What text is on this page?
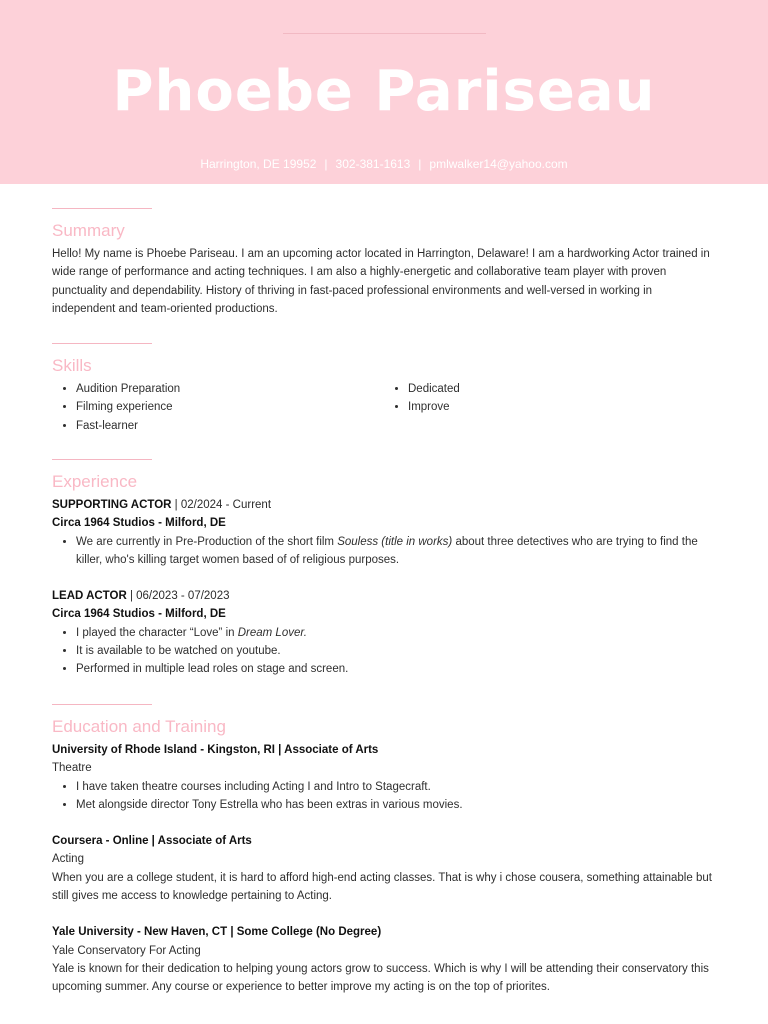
Phoebe Pariseau
Harrington, DE 19952 | 302-381-1613 | pmlwalker14@yahoo.com
Summary

Hello! My name is Phoebe Pariseau. I am an upcoming actor located in Harrington, Delaware! I am a hardworking Actor trained in wide range of performance and acting techniques. I am also a highly-energetic and collaborative team player with proven punctuality and dependability. History of thriving in fast-paced professional environments and well-versed in working in independent and team-oriented productions.

Skills
• Audition Preparation
• Filming experience
• Fast-learner
• Dedicated
• Improve
Experience
SUPPORTING ACTOR | 02/2024 - Current
Circa 1964 Studios - Milford, DE
• We are currently in Pre-Production of the short film Souless (title in works) about three detectives who are trying to find the killer, who's killing target women based of of religious purposes.
LEAD ACTOR | 06/2023 - 07/2023
Circa 1964 Studios - Milford, DE
• I played the character “Love” in Dream Lover.
• It is available to be watched on youtube.
• Performed in multiple lead roles on stage and screen.
Education and Training
University of Rhode Island - Kingston, RI | Associate of Arts
Theatre
• I have taken theatre courses including Acting I and Intro to Stagecraft.
• Met alongside director Tony Estrella who has been extras in various movies.
Coursera - Online | Associate of Arts
Acting

When you are a college student, it is hard to afford high-end acting classes. That is why i chose cousera, something attainable but still gives me access to knowledge pertaining to Acting.

Yale University - New Haven, CT | Some College (No Degree)
Yale Conservatory For Acting

Yale is known for their dedication to helping young actors grow to success. Which is why I will be attending their conservatory this upcoming summer. Any course or experience to better improve my acting is on the top of priorites.
